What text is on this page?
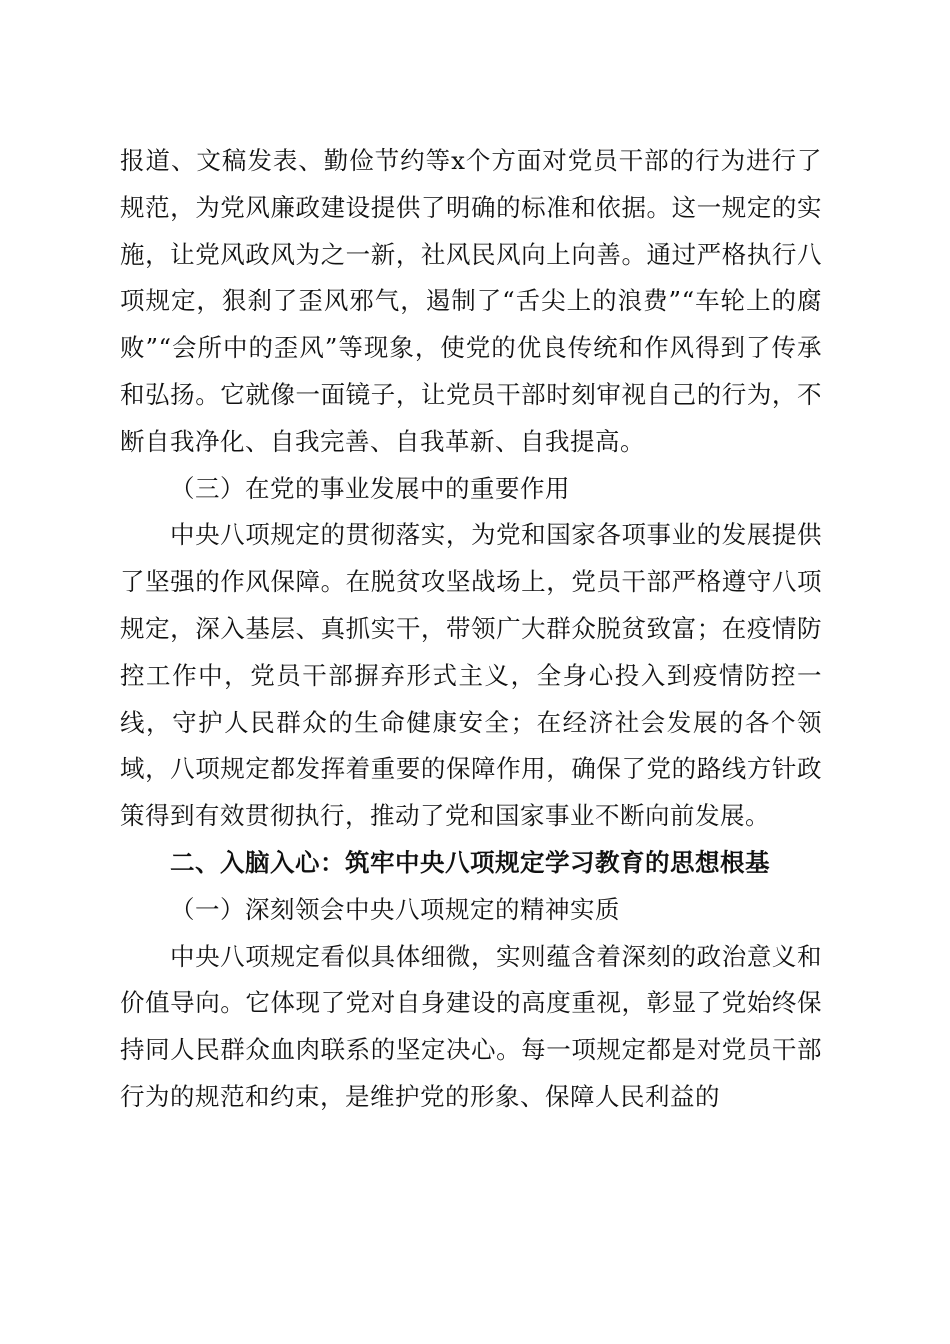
报道、文稿发表、勤俭节约等x个方面对党员干部的行为进行了规范，为党风廉政建设提供了明确的标准和依据。这一规定的实施，让党风政风为之一新，社风民风向上向善。通过严格执行八项规定，狠刹了歪风邪气，遏制了“舌尖上的浪费”“车轮上的腐败”“会所中的歪风”等现象，使党的优良传统和作风得到了传承和弘扬。它就像一面镜子，让党员干部时刻审视自己的行为，不断自我净化、自我完善、自我革新、自我提高。

（三）在党的事业发展中的重要作用

中央八项规定的贯彻落实，为党和国家各项事业的发展提供了坚强的作风保障。在脱贫攻坚战场上，党员干部严格遵守八项规定，深入基层、真抓实干，带领广大群众脱贫致富；在疫情防控工作中，党员干部摒弃形式主义，全身心投入到疫情防控一线，守护人民群众的生命健康安全；在经济社会发展的各个领域，八项规定都发挥着重要的保障作用，确保了党的路线方针政策得到有效贯彻执行，推动了党和国家事业不断向前发展。

二、入脑入心：筑牢中央八项规定学习教育的思想根基

（一）深刻领会中央八项规定的精神实质

中央八项规定看似具体细微，实则蕴含着深刻的政治意义和价值导向。它体现了党对自身建设的高度重视，彰显了党始终保持同人民群众血肉联系的坚定决心。每一项规定都是对党员干部行为的规范和约束，是维护党的形象、保障人民利益的
